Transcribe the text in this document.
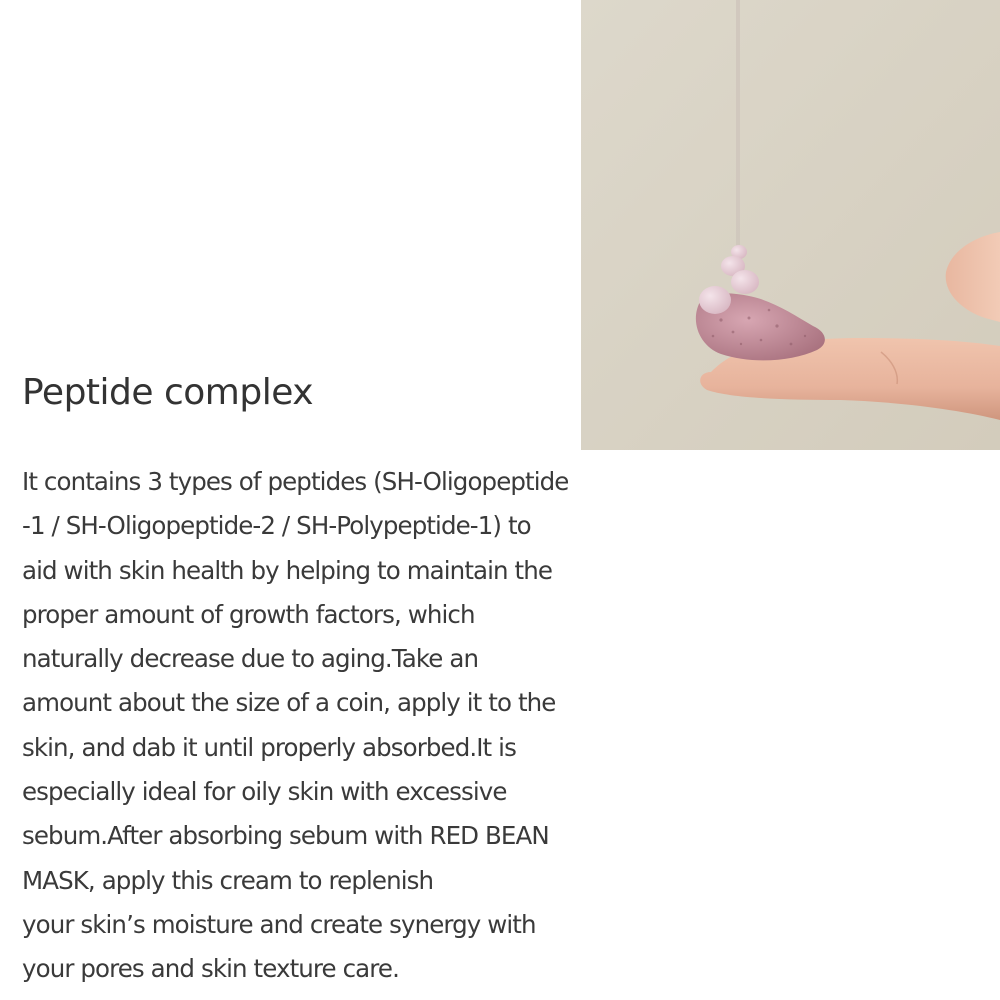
Peptide complex

It contains 3 types of peptides (SH-Oligopeptide
-1 / SH-Oligopeptide-2 / SH-Polypeptide-1) to
aid with skin health by helping to maintain the
proper amount of growth factors, which
naturally decrease due to aging.Take an
amount about the size of a coin, apply it to the
skin, and dab it until properly absorbed.It is
especially ideal for oily skin with excessive
sebum.After absorbing sebum with RED BEAN
MASK, apply this cream to replenish
your skin’s moisture and create synergy with
your pores and skin texture care.
